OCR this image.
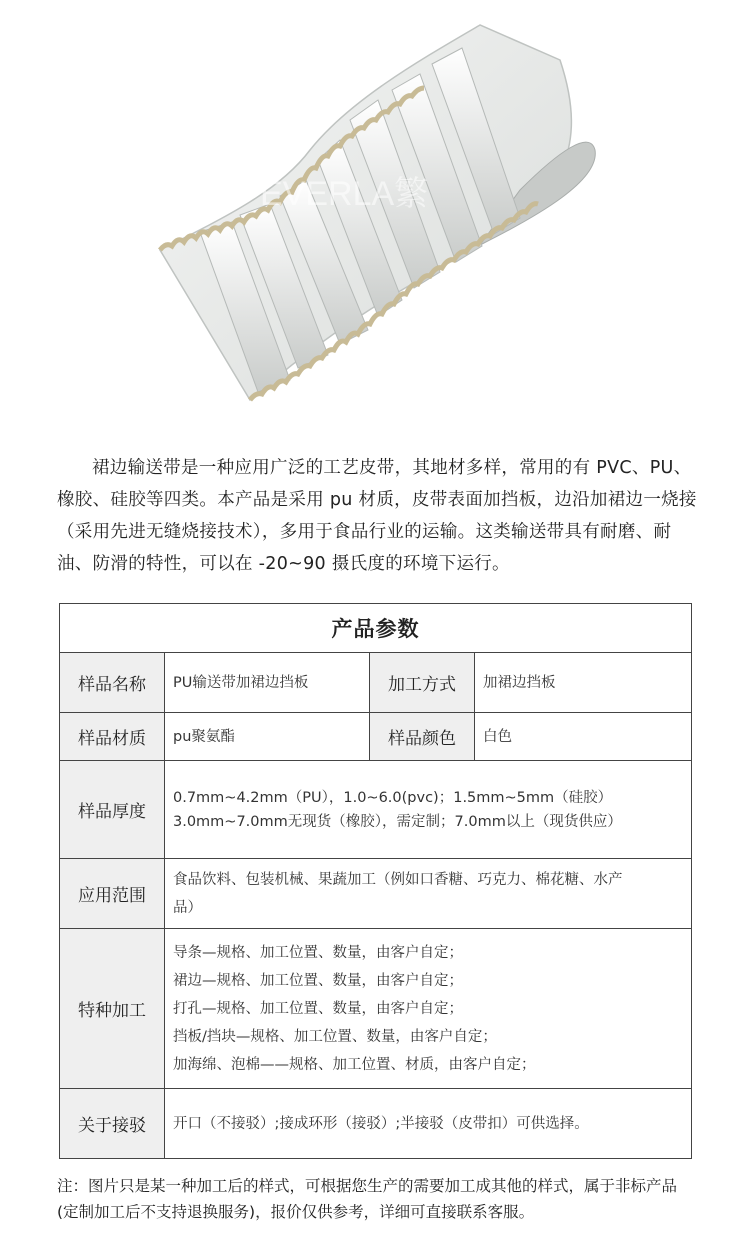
EVERLA繁

裙边输送带是一种应用广泛的工艺皮带，其地材多样，常用的有 PVC、PU、橡胶、硅胶等四类。本产品是采用 pu 材质，皮带表面加挡板，边沿加裙边一烧接（采用先进无缝烧接技术），多用于食品行业的运输。这类输送带具有耐磨、耐油、防滑的特性，可以在 -20~90 摄氏度的环境下运行。

产品参数			
样品名称	PU输送带加裙边挡板	加工方式	加裙边挡板
样品材质	pu聚氨酯	样品颜色	白色
样品厚度	0.7mm~4.2mm（PU），1.0~6.0(pvc)；1.5mm~5mm（硅胶）
3.0mm~7.0mm无现货（橡胶），需定制；7.0mm以上（现货供应）		

应用范围	食品饮料、包装机械、果蔬加工（例如口香糖、巧克力、棉花糖、水产
品）		

特种加工	导条—规格、加工位置、数量，由客户自定；
裙边—规格、加工位置、数量，由客户自定；
打孔—规格、加工位置、数量，由客户自定；
挡板/挡块—规格、加工位置、数量，由客户自定；
加海绵、泡棉——规格、加工位置、材质，由客户自定；		

关于接驳	开口（不接驳）;接成环形（接驳）;半接驳（皮带扣）可供选择。		

注：图片只是某一种加工后的样式，可根据您生产的需要加工成其他的样式，属于非标产品(定制加工后不支持退换服务)，报价仅供参考，详细可直接联系客服。
